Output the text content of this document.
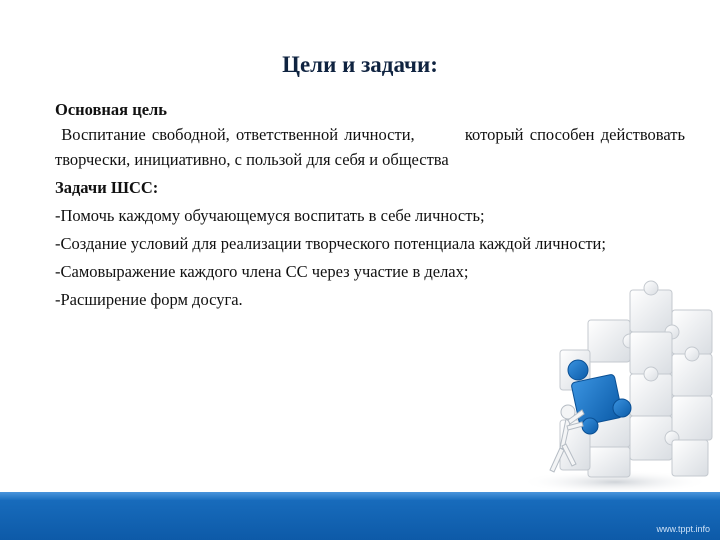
Цели и задачи:

Основная цель

Воспитание свободной, ответственной личности,        который способен действовать творчески, инициативно, с пользой для себя и общества

Задачи ШСС:

-Помочь каждому обучающемуся воспитать в себе личность;

-Создание условий для реализации творческого потенциала каждой личности;

-Самовыражение каждого члена СС через участие в делах;

-Расширение форм досуга.

www.tppt.info
